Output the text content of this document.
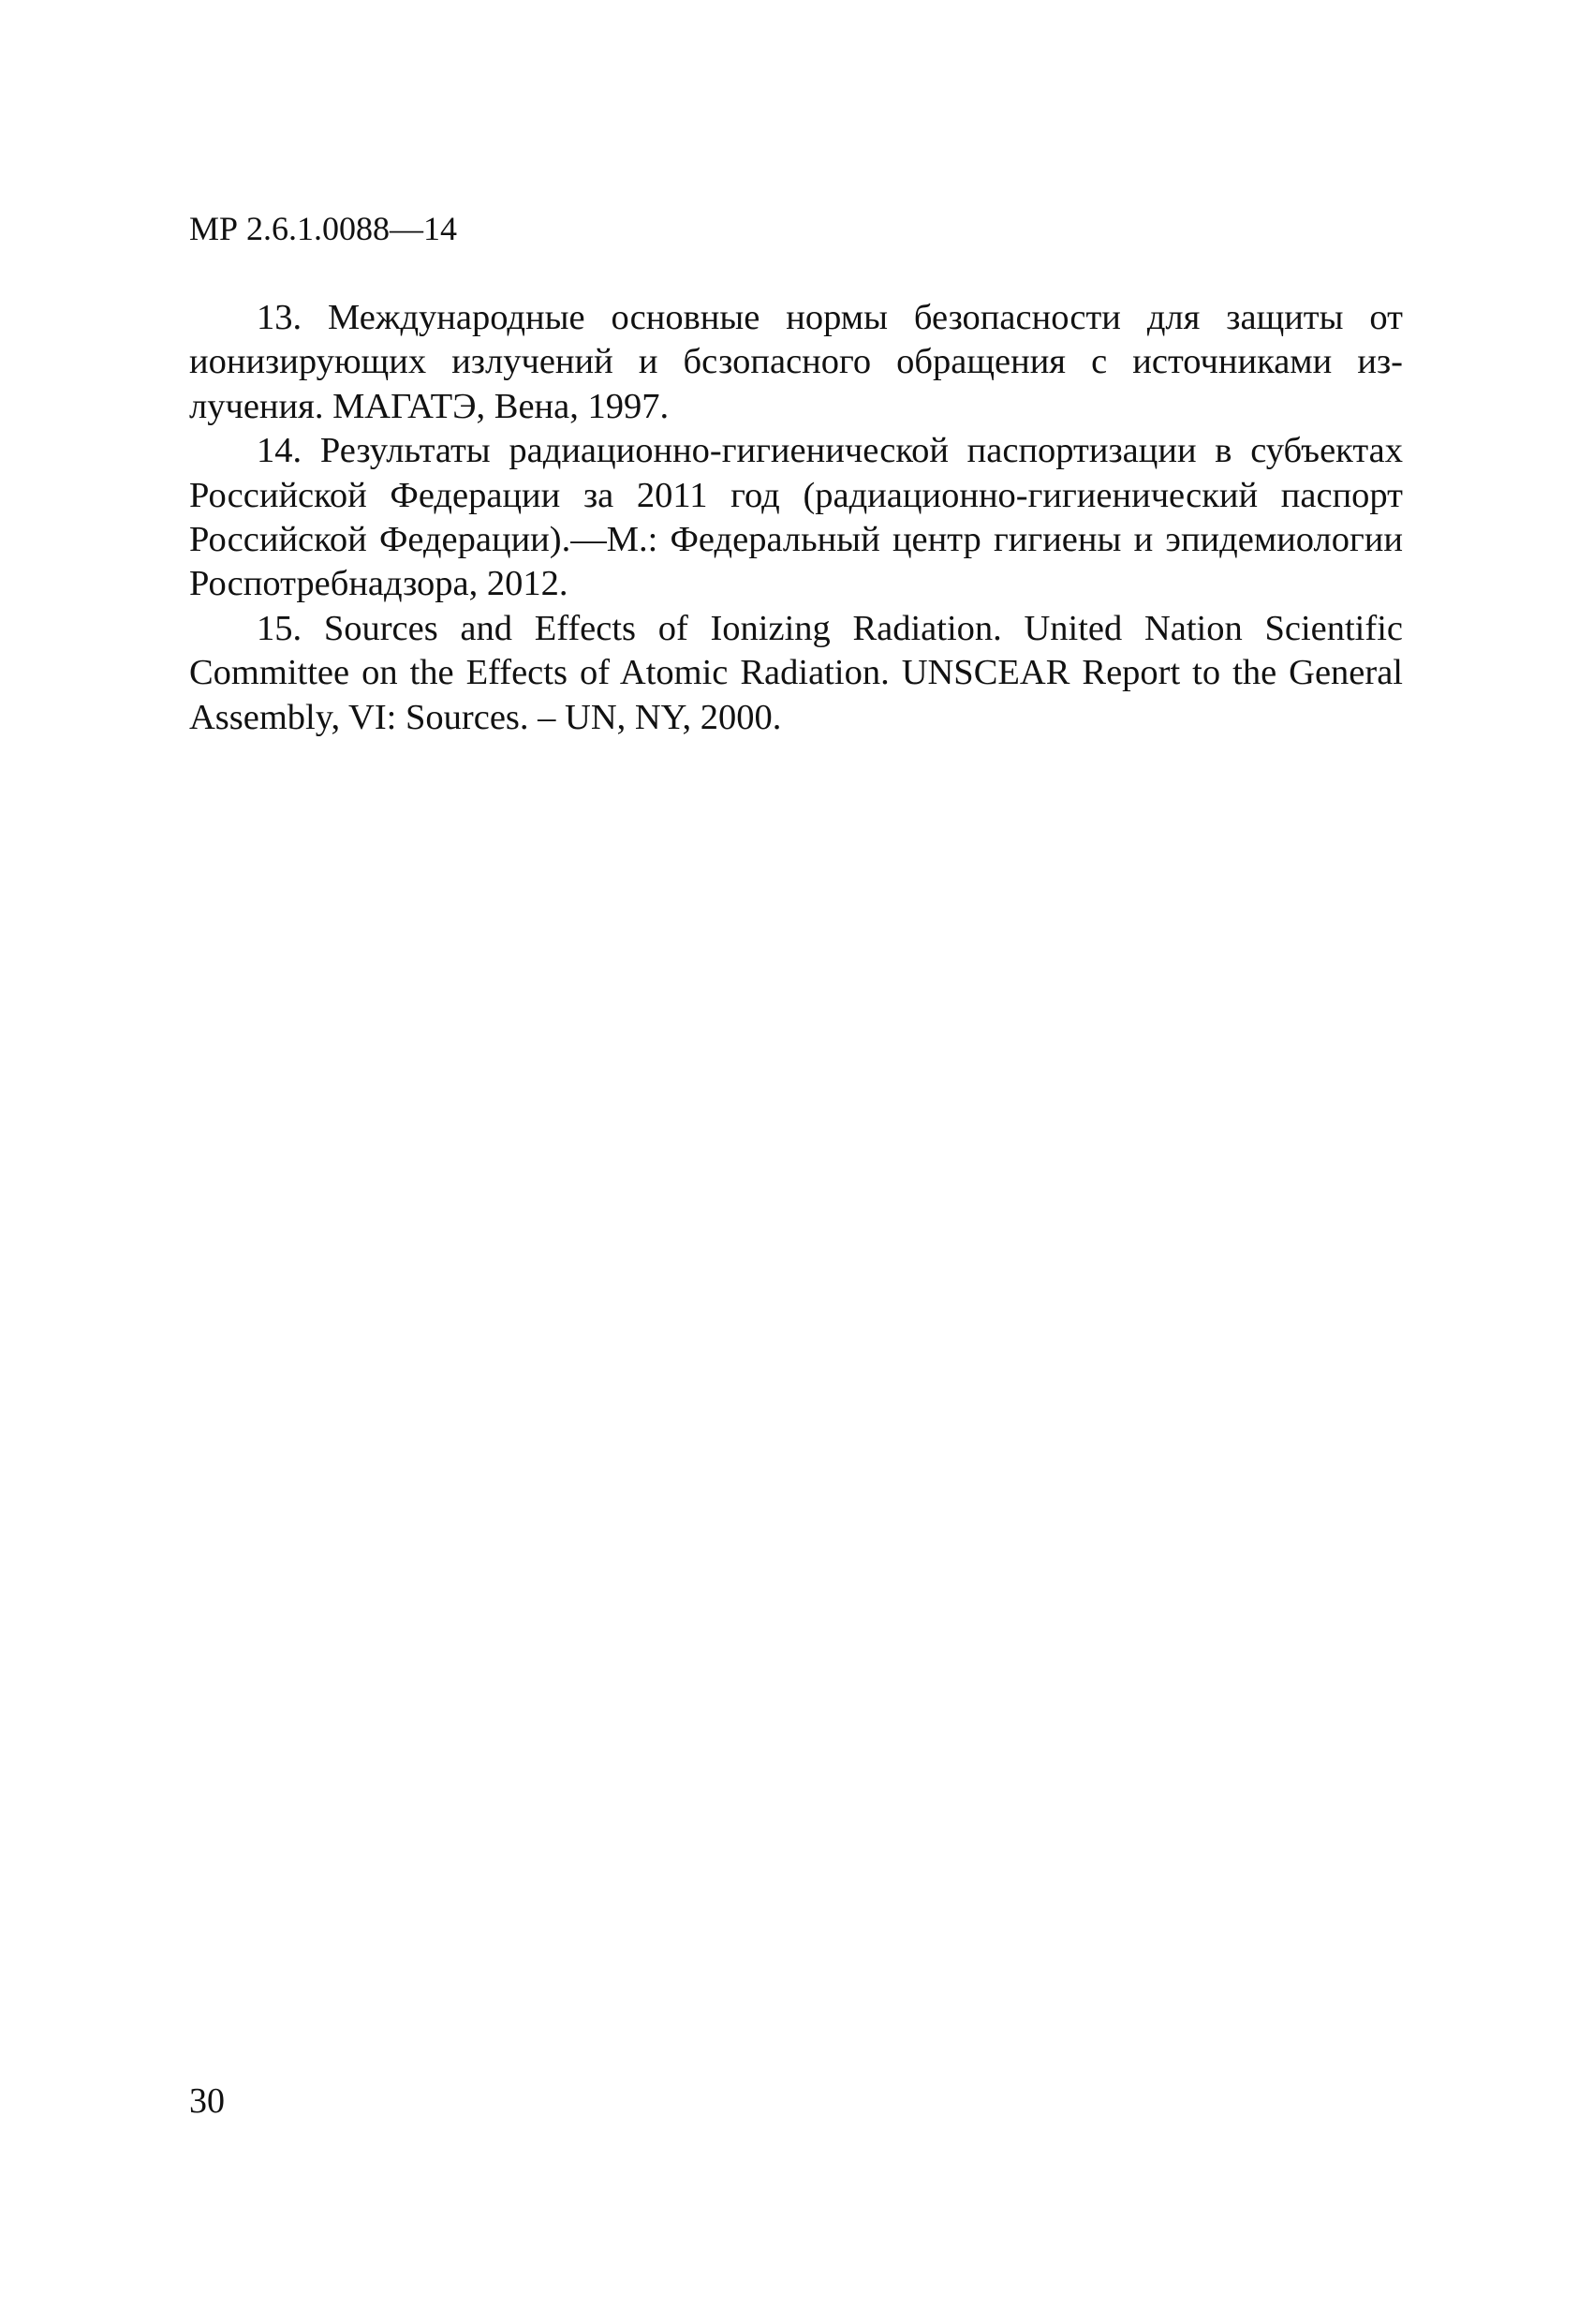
МР 2.6.1.0088—14
13. Международные основные нормы безопасности для защиты от ионизирующих излучений и бсзопасного обращения с источниками излучения. МАГАТЭ, Вена, 1997.
14. Результаты радиационно-гигиенической паспортизации в субъектах Российской Федерации за 2011 год (радиационно-гигиенический паспорт Российской Федерации).—М.: Федеральный центр гигиены и эпидемиологии Роспотребнадзора, 2012.
15. Sources and Effects of Ionizing Radiation. United Nation Scientific Committee on the Effects of Atomic Radiation. UNSCEAR Report to the General Assembly, VI: Sources. – UN, NY, 2000.
30
